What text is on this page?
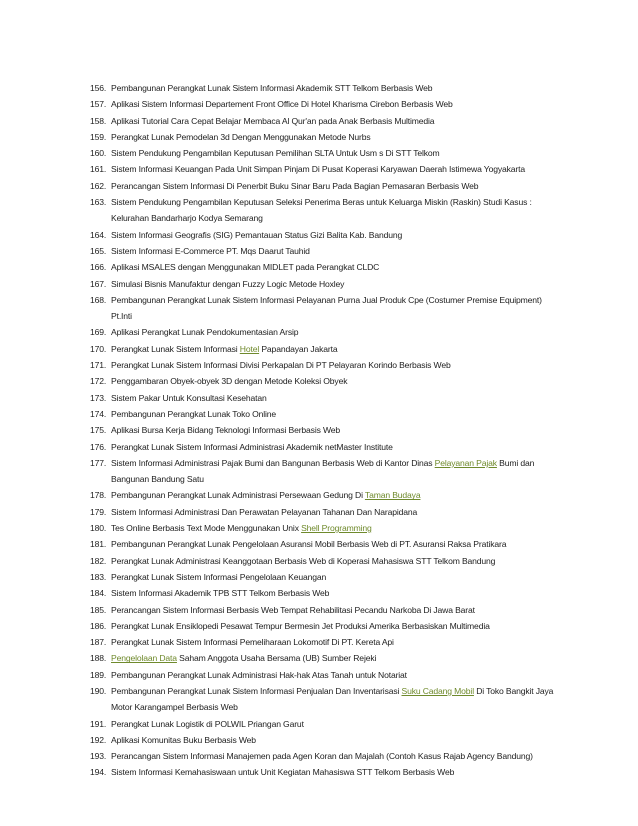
156. Pembangunan Perangkat Lunak Sistem Informasi Akademik STT Telkom Berbasis Web
157. Aplikasi Sistem Informasi Departement Front Office Di Hotel Kharisma Cirebon Berbasis Web
158. Aplikasi Tutorial Cara Cepat Belajar Membaca Al Qur'an pada Anak Berbasis Multimedia
159. Perangkat Lunak Pemodelan 3d Dengan Menggunakan Metode Nurbs
160. Sistem Pendukung Pengambilan Keputusan Pemilihan SLTA Untuk Usm s Di STT Telkom
161. Sistem Informasi Keuangan Pada Unit Simpan Pinjam Di Pusat Koperasi Karyawan Daerah Istimewa Yogyakarta
162. Perancangan Sistem Informasi Di Penerbit Buku Sinar Baru Pada Bagian Pemasaran Berbasis Web
163. Sistem Pendukung Pengambilan Keputusan Seleksi Penerima Beras untuk Keluarga Miskin (Raskin) Studi Kasus : Kelurahan Bandarharjo Kodya Semarang
164. Sistem Informasi Geografis (SIG) Pemantauan Status Gizi Balita Kab. Bandung
165. Sistem Informasi E-Commerce PT. Mqs Daarut Tauhid
166. Aplikasi MSALES dengan Menggunakan MIDLET pada Perangkat CLDC
167. Simulasi Bisnis Manufaktur dengan Fuzzy Logic Metode Hoxley
168. Pembangunan Perangkat Lunak Sistem Informasi Pelayanan Purna Jual Produk Cpe (Costumer Premise Equipment) Pt.Inti
169. Aplikasi Perangkat Lunak Pendokumentasian Arsip
170. Perangkat Lunak Sistem Informasi Hotel Papandayan Jakarta
171. Perangkat Lunak Sistem Informasi Divisi Perkapalan Di PT Pelayaran Korindo Berbasis Web
172. Penggambaran Obyek-obyek 3D dengan Metode Koleksi Obyek
173. Sistem Pakar Untuk Konsultasi Kesehatan
174. Pembangunan Perangkat Lunak Toko Online
175. Aplikasi Bursa Kerja Bidang Teknologi Informasi Berbasis Web
176. Perangkat Lunak Sistem Informasi Administrasi Akademik netMaster Institute
177. Sistem Informasi Administrasi Pajak Bumi dan Bangunan Berbasis Web di Kantor Dinas Pelayanan Pajak Bumi dan Bangunan Bandung Satu
178. Pembangunan Perangkat Lunak Administrasi Persewaan Gedung Di Taman Budaya
179. Sistem Informasi Administrasi Dan Perawatan Pelayanan Tahanan Dan Narapidana
180. Tes Online Berbasis Text Mode Menggunakan Unix Shell Programming
181. Pembangunan Perangkat Lunak Pengelolaan Asuransi Mobil Berbasis Web di PT. Asuransi Raksa Pratikara
182. Perangkat Lunak Administrasi Keanggotaan Berbasis Web di Koperasi Mahasiswa STT Telkom Bandung
183. Perangkat Lunak Sistem Informasi Pengelolaan Keuangan
184. Sistem Informasi Akademik TPB STT Telkom Berbasis Web
185. Perancangan Sistem Informasi Berbasis Web Tempat Rehabilitasi Pecandu Narkoba Di Jawa Barat
186. Perangkat Lunak Ensiklopedi Pesawat Tempur Bermesin Jet Produksi Amerika Berbasiskan Multimedia
187. Perangkat Lunak Sistem Informasi Pemeliharaan Lokomotif Di PT. Kereta Api
188. Pengelolaan Data Saham Anggota Usaha Bersama (UB) Sumber Rejeki
189. Pembangunan Perangkat Lunak Administrasi Hak-hak Atas Tanah untuk Notariat
190. Pembangunan Perangkat Lunak Sistem Informasi Penjualan Dan Inventarisasi Suku Cadang Mobil Di Toko Bangkit Jaya Motor Karangampel Berbasis Web
191. Perangkat Lunak Logistik di POLWIL Priangan Garut
192. Aplikasi Komunitas Buku Berbasis Web
193. Perancangan Sistem Informasi Manajemen pada Agen Koran dan Majalah (Contoh Kasus Rajab Agency Bandung)
194. Sistem Informasi Kemahasiswaan untuk Unit Kegiatan Mahasiswa STT Telkom Berbasis Web
